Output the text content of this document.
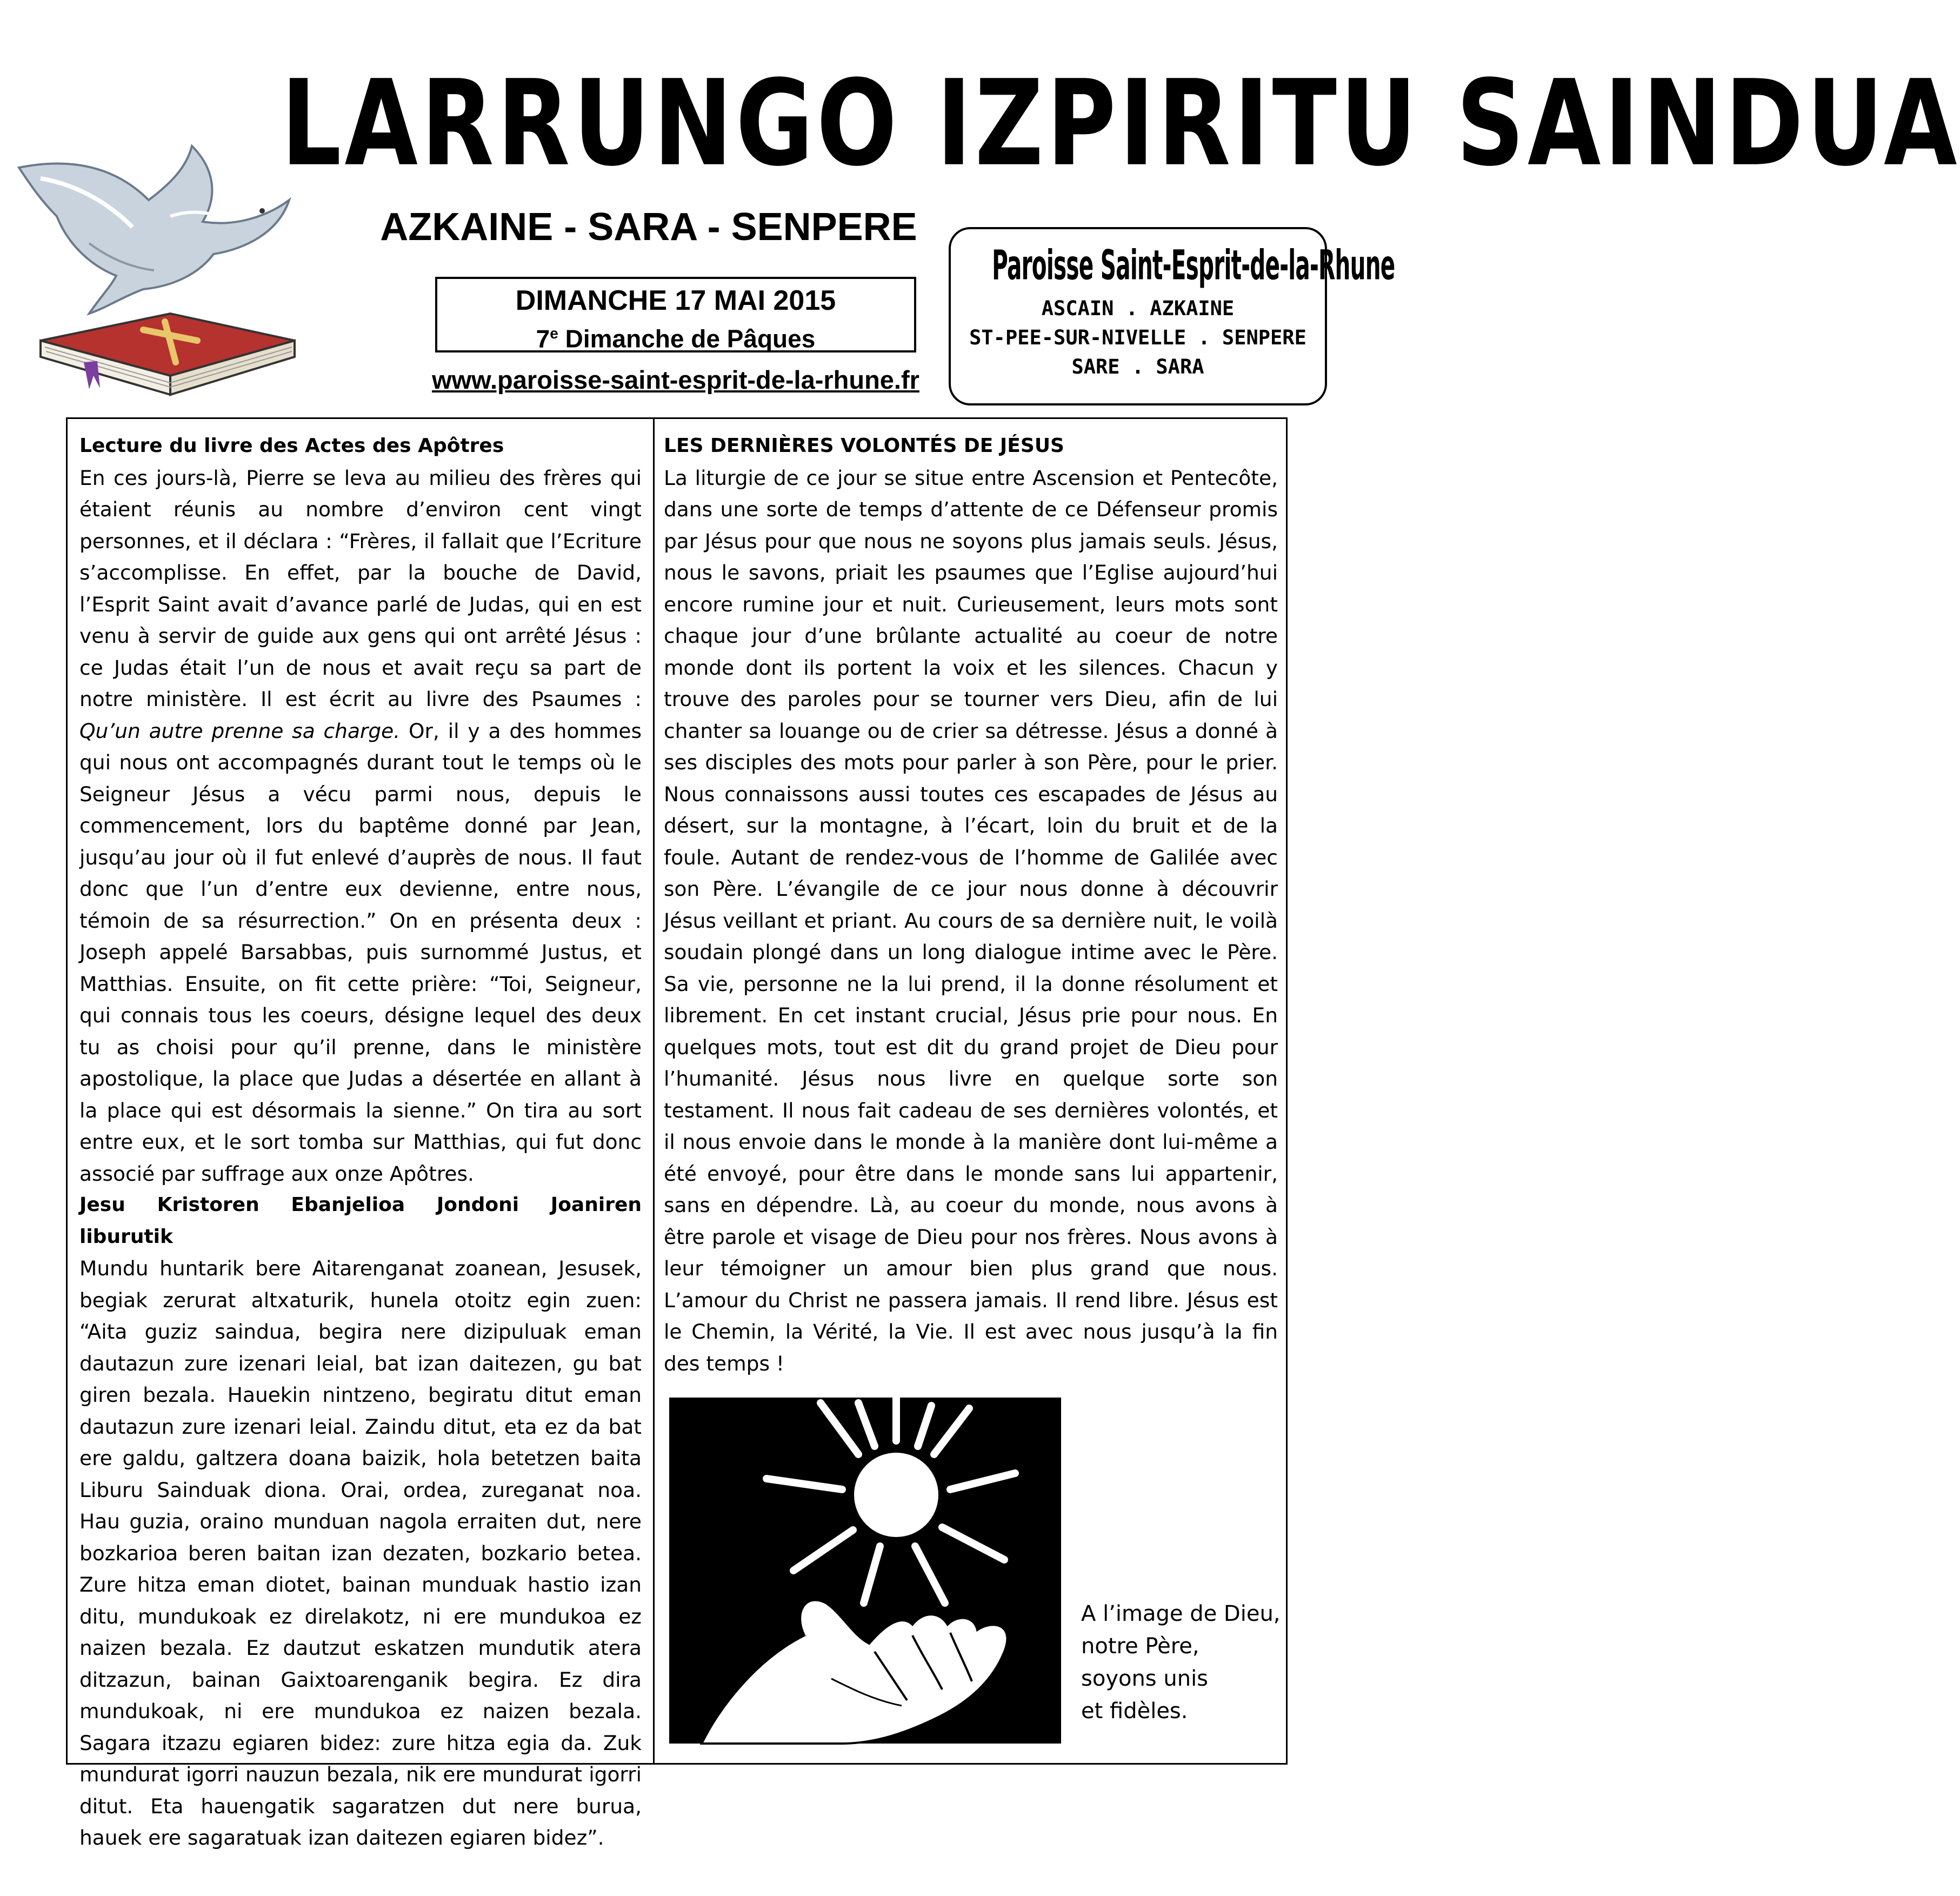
LARRUNGO IZPIRITU SAINDUA
AZKAINE - SARA - SENPERE
DIMANCHE 17 MAI 2015
7e Dimanche de Pâques
www.paroisse-saint-esprit-de-la-rhune.fr
Paroisse Saint-Esprit-de-la-Rhune
ASCAIN . AZKAINE
ST-PEE-SUR-NIVELLE . SENPERE
SARE . SARA
Lecture du livre des Actes des Apôtres
En ces jours-là, Pierre se leva au milieu des frères qui étaient réunis au nombre d’environ cent vingt personnes, et il déclara : “Frères, il fallait que l’Ecriture s’accomplisse. En effet, par la bouche de David, l’Esprit Saint avait d’avance parlé de Judas, qui en est venu à servir de guide aux gens qui ont arrêté Jésus : ce Judas était l’un de nous et avait reçu sa part de notre ministère. Il est écrit au livre des Psaumes : Qu’un autre prenne sa charge. Or, il y a des hommes qui nous ont accompagnés durant tout le temps où le Seigneur Jésus a vécu parmi nous, depuis le commencement, lors du baptême donné par Jean, jusqu’au jour où il fut enlevé d’auprès de nous. Il faut donc que l’un d’entre eux devienne, entre nous, témoin de sa résurrection.” On en présenta deux : Joseph appelé Barsabbas, puis surnommé Justus, et Matthias. Ensuite, on fit cette prière: “Toi, Seigneur, qui connais tous les coeurs, désigne lequel des deux tu as choisi pour qu’il prenne, dans le ministère apostolique, la place que Judas a désertée en allant à la place qui est désormais la sienne.” On tira au sort entre eux, et le sort tomba sur Matthias, qui fut donc associé par suffrage aux onze Apôtres.
Jesu Kristoren Ebanjelioa Jondoni Joaniren liburutik
Mundu huntarik bere Aitarenganat zoanean, Jesusek, begiak zerurat altxaturik, hunela otoitz egin zuen: “Aita guziz saindua, begira nere dizipuluak eman dautazun zure izenari leial, bat izan daitezen, gu bat giren bezala. Hauekin nintzeno, begiratu ditut eman dautazun zure izenari leial. Zaindu ditut, eta ez da bat ere galdu, galtzera doana baizik, hola betetzen baita Liburu Sainduak diona. Orai, ordea, zureganat noa. Hau guzia, oraino munduan nagola erraiten dut, nere bozkarioa beren baitan izan dezaten, bozkario betea. Zure hitza eman diotet, bainan munduak hastio izan ditu, mundukoak ez direlakotz, ni ere mundukoa ez naizen bezala. Ez dautzut eskatzen mundutik atera ditzazun, bainan Gaixtoarenganik begira. Ez dira mundukoak, ni ere mundukoa ez naizen bezala. Sagara itzazu egiaren bidez: zure hitza egia da. Zuk mundurat igorri nauzun bezala, nik ere mundurat igorri ditut. Eta hauengatik sagaratzen dut nere burua, hauek ere sagaratuak izan daitezen egiaren bidez”.
LES DERNIÈRES VOLONTÉS DE JÉSUS
La liturgie de ce jour se situe entre Ascension et Pentecôte, dans une sorte de temps d’attente de ce Défenseur promis par Jésus pour que nous ne soyons plus jamais seuls. Jésus, nous le savons, priait les psaumes que l’Eglise aujourd’hui encore rumine jour et nuit. Curieusement, leurs mots sont chaque jour d’une brûlante actualité au coeur de notre monde dont ils portent la voix et les silences. Chacun y trouve des paroles pour se tourner vers Dieu, afin de lui chanter sa louange ou de crier sa détresse. Jésus a donné à ses disciples des mots pour parler à son Père, pour le prier. Nous connaissons aussi toutes ces escapades de Jésus au désert, sur la montagne, à l’écart, loin du bruit et de la foule. Autant de rendez-vous de l’homme de Galilée avec son Père. L’évangile de ce jour nous donne à découvrir Jésus veillant et priant. Au cours de sa dernière nuit, le voilà soudain plongé dans un long dialogue intime avec le Père. Sa vie, personne ne la lui prend, il la donne résolument et librement. En cet instant crucial, Jésus prie pour nous. En quelques mots, tout est dit du grand projet de Dieu pour l’humanité. Jésus nous livre en quelque sorte son testament. Il nous fait cadeau de ses dernières volontés, et il nous envoie dans le monde à la manière dont lui-même a été envoyé, pour être dans le monde sans lui appartenir, sans en dépendre. Là, au coeur du monde, nous avons à être parole et visage de Dieu pour nos frères. Nous avons à leur témoigner un amour bien plus grand que nous. L’amour du Christ ne passera jamais. Il rend libre. Jésus est le Chemin, la Vérité, la Vie. Il est avec nous jusqu’à la fin des temps !
A l’image de Dieu,
notre Père,
soyons unis
et fidèles.
